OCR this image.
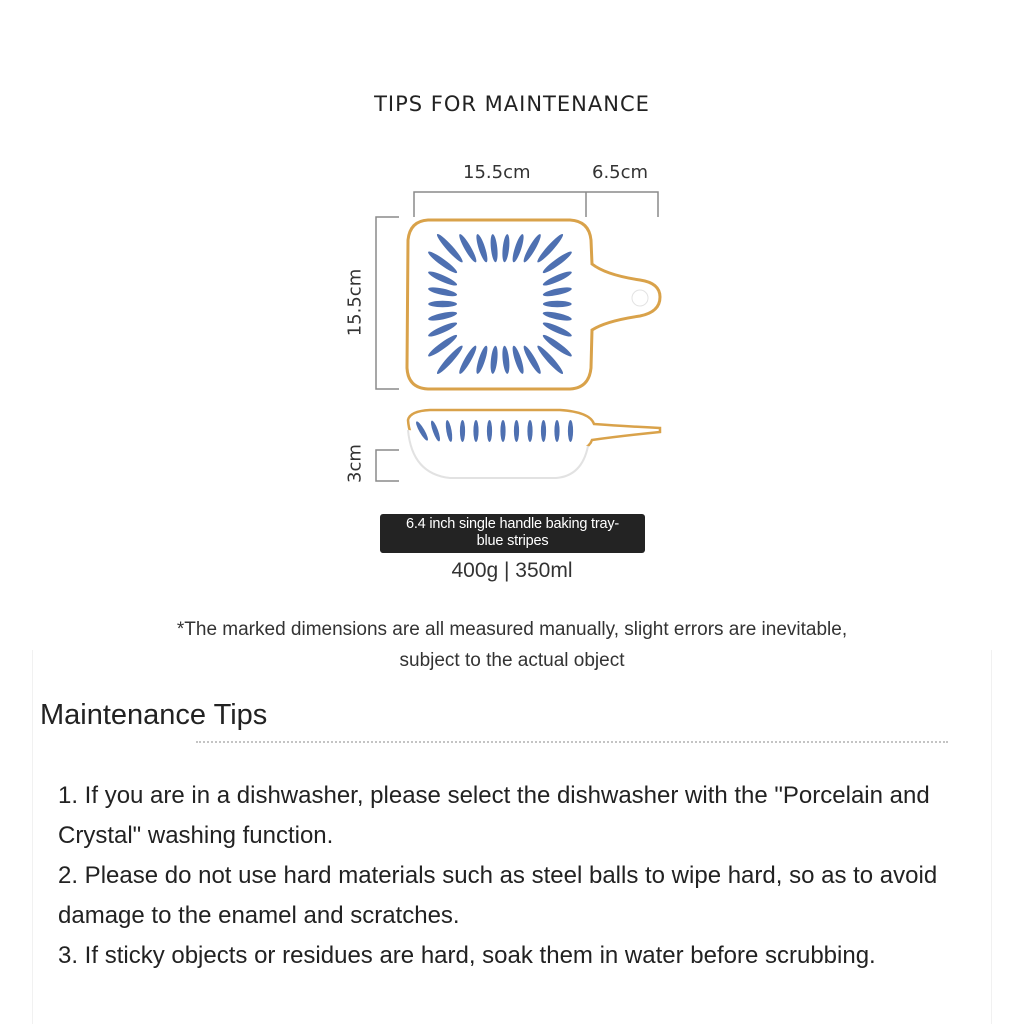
TIPS FOR MAINTENANCE
15.5cm	6.5cm
15.5cm
3cm
6.4 inch single handle baking tray-
blue stripes
400g | 350ml
*The marked dimensions are all measured manually, slight errors are inevitable,
subject to the actual object
Maintenance Tips
1. If you are in a dishwasher, please select the dishwasher with the "Porcelain and Crystal" washing function.
2. Please do not use hard materials such as steel balls to wipe hard, so as to avoid damage to the enamel and scratches.
3. If sticky objects or residues are hard, soak them in water before scrubbing.
